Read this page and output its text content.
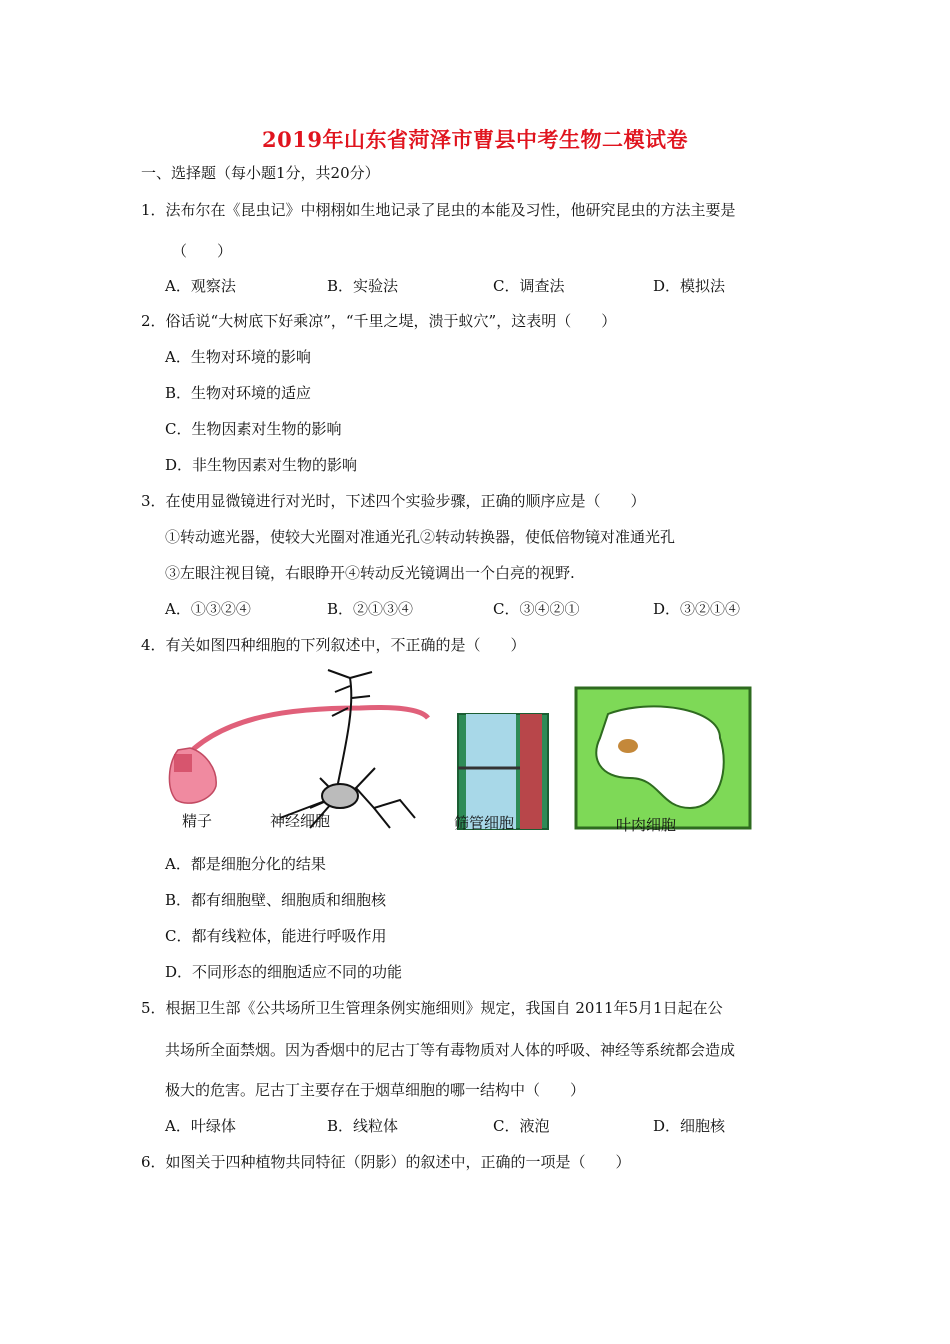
2019年山东省菏泽市曹县中考生物二模试卷
一、选择题（每小题1分，共20分）
1．法布尔在《昆虫记》中栩栩如生地记录了昆虫的本能及习性，他研究昆虫的方法主要是
（　　）
A．观察法	B．实验法	C．调查法	D．模拟法
2．俗话说“大树底下好乘凉”，“千里之堤，溃于蚁穴”，这表明（　　）
A．生物对环境的影响
B．生物对环境的适应
C．生物因素对生物的影响
D．非生物因素对生物的影响
3．在使用显微镜进行对光时，下述四个实验步骤，正确的顺序应是（　　）
①转动遮光器，使较大光圈对准通光孔②转动转换器，使低倍物镜对准通光孔
③左眼注视目镜，右眼睁开④转动反光镜调出一个白亮的视野.
A．①③②④	B．②①③④	C．③④②①	D．③②①④
4．有关如图四种细胞的下列叙述中，不正确的是（　　）
精子	神经细胞	筛管细胞	叶肉细胞
A．都是细胞分化的结果
B．都有细胞壁、细胞质和细胞核
C．都有线粒体，能进行呼吸作用
D．不同形态的细胞适应不同的功能
5．根据卫生部《公共场所卫生管理条例实施细则》规定，我国自 2011年5月1日起在公
共场所全面禁烟。因为香烟中的尼古丁等有毒物质对人体的呼吸、神经等系统都会造成
极大的危害。尼古丁主要存在于烟草细胞的哪一结构中（　　）
A．叶绿体	B．线粒体	C．液泡	D．细胞核
6．如图关于四种植物共同特征（阴影）的叙述中，正确的一项是（　　）
